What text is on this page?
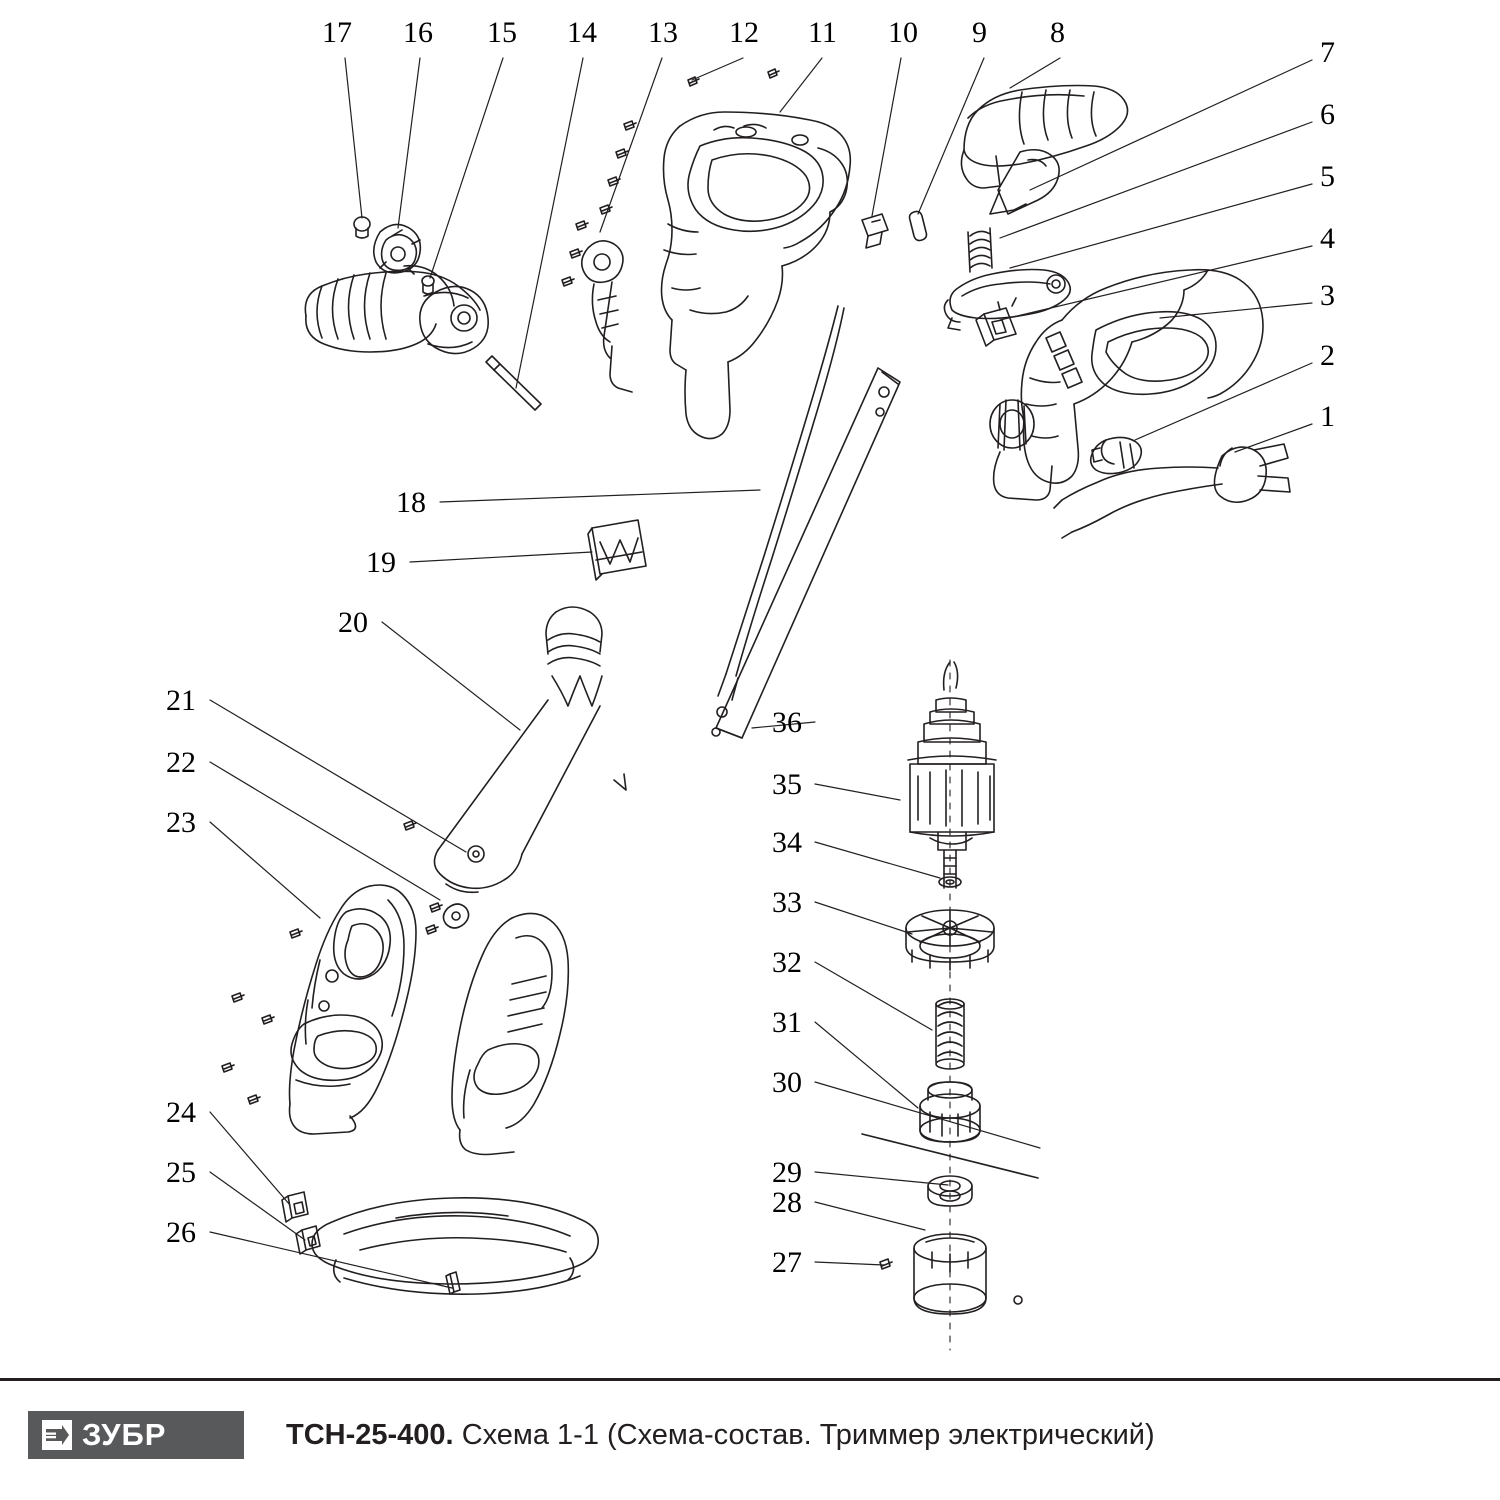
17 16 15 14 13 12 11 10 9 8
7
6
5
4
3
2
1
18
19
20
21
22
23
24
25
26
27
28
29
30
31
32
33
34
35
36
ЗУБР	TCH-25-400. Схема 1-1 (Схема-состав. Триммер электрический)
